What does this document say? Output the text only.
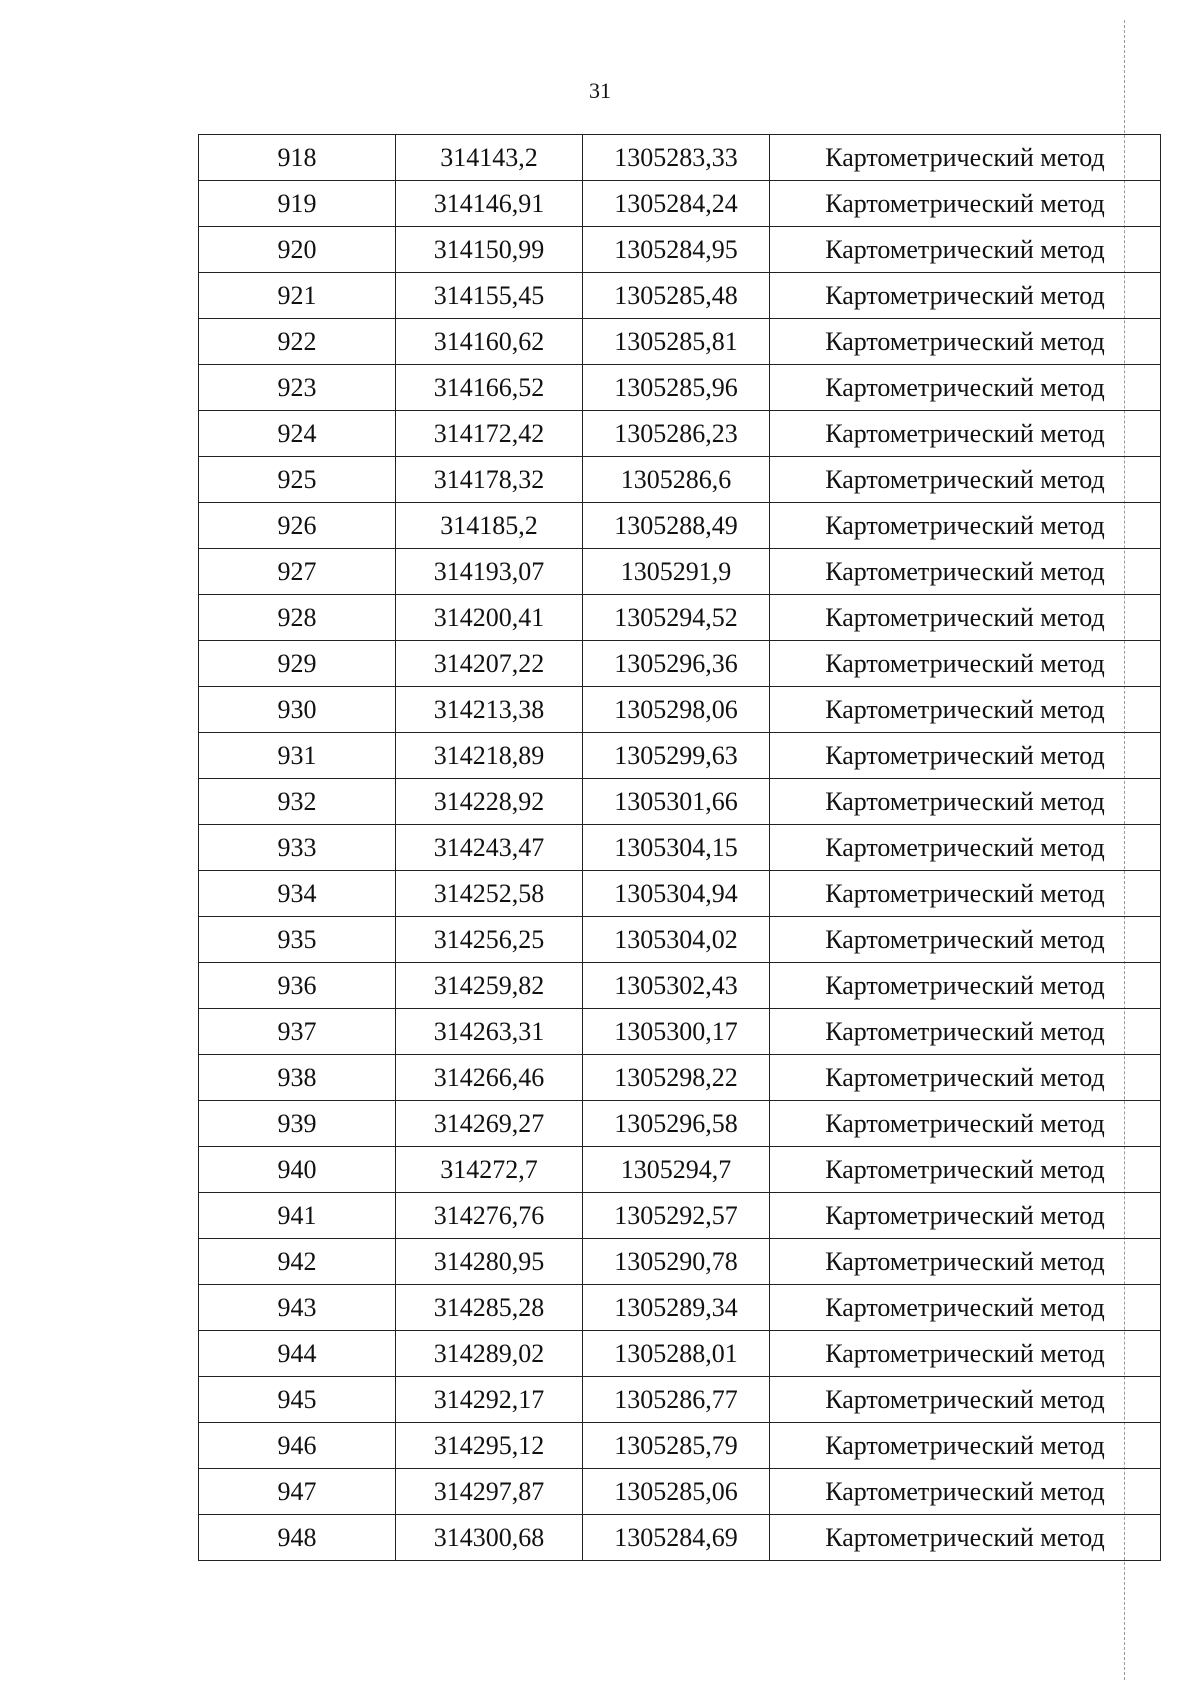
31
918	314143,2	1305283,33	Картометрический метод
919	314146,91	1305284,24	Картометрический метод
920	314150,99	1305284,95	Картометрический метод
921	314155,45	1305285,48	Картометрический метод
922	314160,62	1305285,81	Картометрический метод
923	314166,52	1305285,96	Картометрический метод
924	314172,42	1305286,23	Картометрический метод
925	314178,32	1305286,6	Картометрический метод
926	314185,2	1305288,49	Картометрический метод
927	314193,07	1305291,9	Картометрический метод
928	314200,41	1305294,52	Картометрический метод
929	314207,22	1305296,36	Картометрический метод
930	314213,38	1305298,06	Картометрический метод
931	314218,89	1305299,63	Картометрический метод
932	314228,92	1305301,66	Картометрический метод
933	314243,47	1305304,15	Картометрический метод
934	314252,58	1305304,94	Картометрический метод
935	314256,25	1305304,02	Картометрический метод
936	314259,82	1305302,43	Картометрический метод
937	314263,31	1305300,17	Картометрический метод
938	314266,46	1305298,22	Картометрический метод
939	314269,27	1305296,58	Картометрический метод
940	314272,7	1305294,7	Картометрический метод
941	314276,76	1305292,57	Картометрический метод
942	314280,95	1305290,78	Картометрический метод
943	314285,28	1305289,34	Картометрический метод
944	314289,02	1305288,01	Картометрический метод
945	314292,17	1305286,77	Картометрический метод
946	314295,12	1305285,79	Картометрический метод
947	314297,87	1305285,06	Картометрический метод
948	314300,68	1305284,69	Картометрический метод
